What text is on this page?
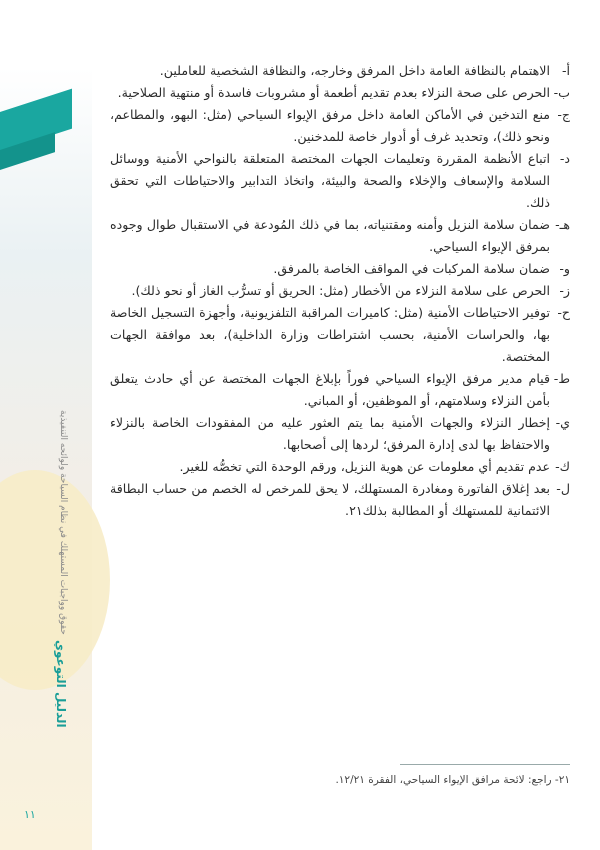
الدليل التوعوي
حقوق وواجبات المستهلك في نظام السياحة ولوائحه التنفيذية
أ-
الاهتمام بالنظافة العامة داخل المرفق وخارجه، والنظافة الشخصية للعاملين.
ب-
الحرص على صحة النزلاء بعدم تقديم أطعمة أو مشروبات فاسدة أو منتهية الصلاحية.
ج-
منع التدخين في الأماكن العامة داخل مرفق الإيواء السياحي (مثل: البهو، والمطاعم، ونحو ذلك)، وتحديد غرف أو أدوار خاصة للمدخنين.
د-
اتباع الأنظمة المقررة وتعليمات الجهات المختصة المتعلقة بالنواحي الأمنية ووسائل السلامة والإسعاف والإخلاء والصحة والبيئة، واتخاذ التدابير والاحتياطات التي تحقق ذلك.
هـ-
ضمان سلامة النزيل وأمنه ومقتنياته، بما في ذلك المُودعة في الاستقبال طوال وجوده بمرفق الإيواء السياحي.
و-
ضمان سلامة المركبات في المواقف الخاصة بالمرفق.
ز-
الحرص على سلامة النزلاء من الأخطار (مثل: الحريق أو تسرُّب الغاز أو نحو ذلك).
ح-
توفير الاحتياطات الأمنية (مثل: كاميرات المراقبة التلفزيونية، وأجهزة التسجيل الخاصة بها، والحراسات الأمنية، بحسب اشتراطات وزارة الداخلية)، بعد موافقة الجهات المختصة.
ط-
قيام مدير مرفق الإيواء السياحي فوراً بإبلاغ الجهات المختصة عن أي حادث يتعلق بأمن النزلاء وسلامتهم، أو الموظفين، أو المباني.
ي-
إخطار النزلاء والجهات الأمنية بما يتم العثور عليه من المفقودات الخاصة بالنزلاء والاحتفاظ بها لدى إدارة المرفق؛ لردها إلى أصحابها.
ك-
عدم تقديم أي معلومات عن هوية النزيل، ورقم الوحدة التي تخصُّه للغير.
ل-
بعد إغلاق الفاتورة ومغادرة المستهلك، لا يحق للمرخص له الخصم من حساب البطاقة الائتمانية للمستهلك أو المطالبة بذلك٢١.
٢١- راجع: لائحة مرافق الإيواء السياحي، الفقرة ١٢/٢١.
١١
